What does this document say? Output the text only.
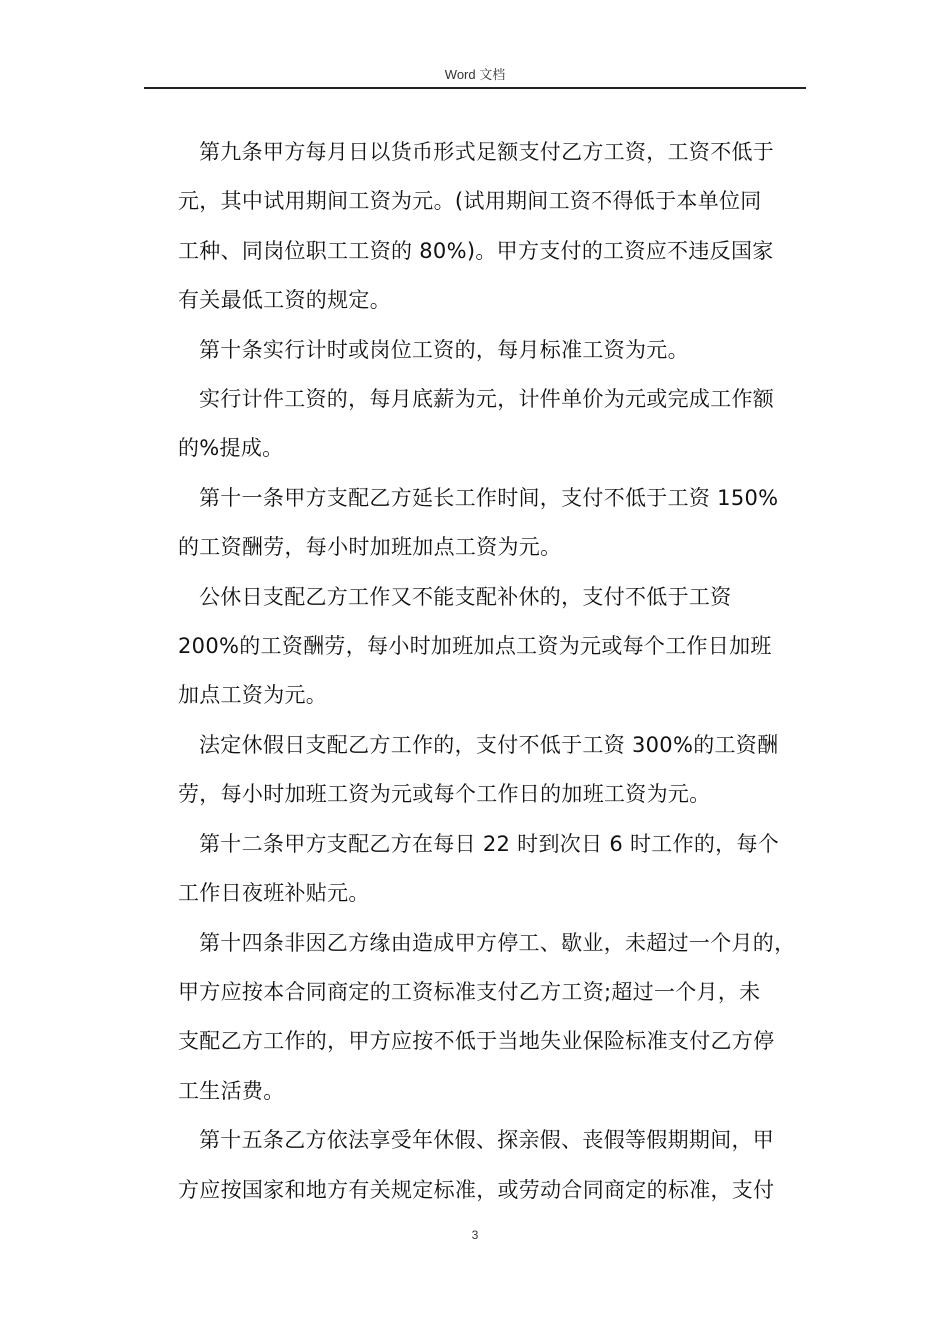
Word 文档

第九条甲方每月日以货币形式足额支付乙方工资，工资不低于
元，其中试用期间工资为元。(试用期间工资不得低于本单位同
工种、同岗位职工工资的 80%)。甲方支付的工资应不违反国家
有关最低工资的规定。

第十条实行计时或岗位工资的，每月标准工资为元。

实行计件工资的，每月底薪为元，计件单价为元或完成工作额
的%提成。

第十一条甲方支配乙方延长工作时间，支付不低于工资 150%
的工资酬劳，每小时加班加点工资为元。

公休日支配乙方工作又不能支配补休的，支付不低于工资
200%的工资酬劳，每小时加班加点工资为元或每个工作日加班
加点工资为元。

法定休假日支配乙方工作的，支付不低于工资 300%的工资酬
劳，每小时加班工资为元或每个工作日的加班工资为元。

第十二条甲方支配乙方在每日 22 时到次日 6 时工作的，每个
工作日夜班补贴元。

第十四条非因乙方缘由造成甲方停工、歇业，未超过一个月的，
甲方应按本合同商定的工资标准支付乙方工资;超过一个月，未
支配乙方工作的，甲方应按不低于当地失业保险标准支付乙方停
工生活费。

第十五条乙方依法享受年休假、探亲假、丧假等假期期间，甲
方应按国家和地方有关规定标准，或劳动合同商定的标准，支付

3
